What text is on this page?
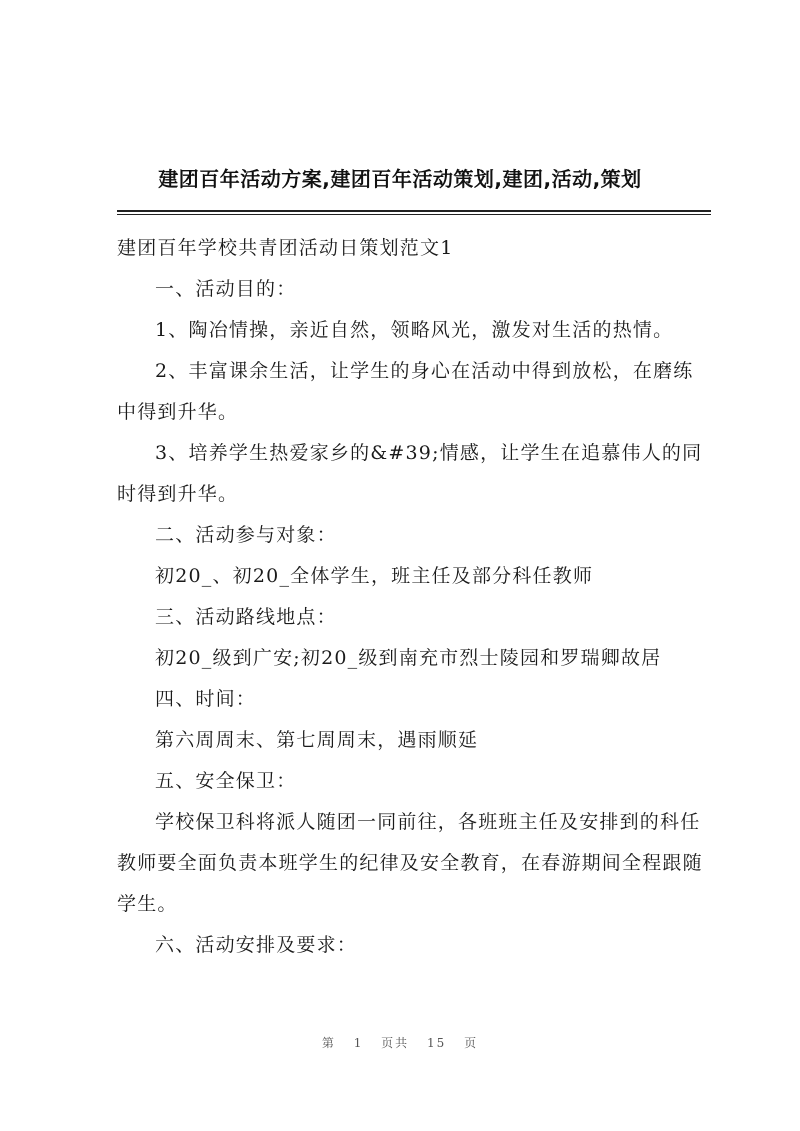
建团百年活动方案,建团百年活动策划,建团,活动,策划

建团百年学校共青团活动日策划范文1

一、活动目的：

1、陶冶情操，亲近自然，领略风光，激发对生活的热情。

2、丰富课余生活，让学生的身心在活动中得到放松，在磨练中得到升华。

3、培养学生热爱家乡的&#39;情感，让学生在追慕伟人的同时得到升华。

二、活动参与对象：

初20_、初20_全体学生，班主任及部分科任教师

三、活动路线地点：

初20_级到广安;初20_级到南充市烈士陵园和罗瑞卿故居

四、时间：

第六周周末、第七周周末，遇雨顺延

五、安全保卫：

学校保卫科将派人随团一同前往，各班班主任及安排到的科任教师要全面负责本班学生的纪律及安全教育，在春游期间全程跟随学生。

六、活动安排及要求：

第 1 页共 15 页
